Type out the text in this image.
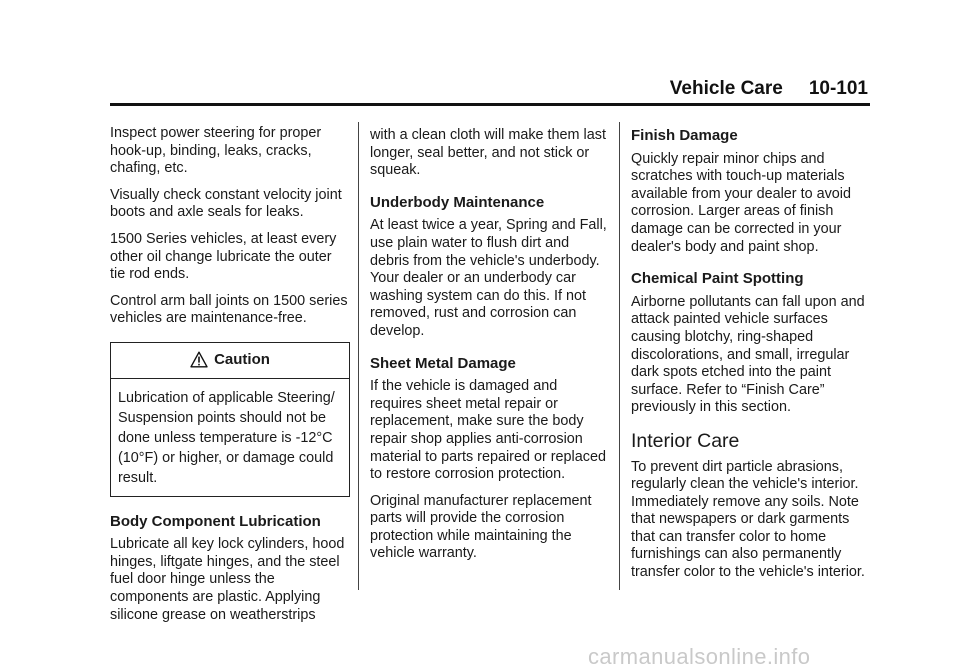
Vehicle Care 10-101

Inspect power steering for proper hook-up, binding, leaks, cracks, chafing, etc.

Visually check constant velocity joint boots and axle seals for leaks.

1500 Series vehicles, at least every other oil change lubricate the outer tie rod ends.

Control arm ball joints on 1500 series vehicles are maintenance-free.

Caution
Lubrication of applicable Steering/ Suspension points should not be done unless temperature is -12°C (10°F) or higher, or damage could result.
Body Component Lubrication

Lubricate all key lock cylinders, hood hinges, liftgate hinges, and the steel fuel door hinge unless the components are plastic. Applying silicone grease on weatherstrips

with a clean cloth will make them last longer, seal better, and not stick or squeak.

Underbody Maintenance

At least twice a year, Spring and Fall, use plain water to flush dirt and debris from the vehicle's underbody. Your dealer or an underbody car washing system can do this. If not removed, rust and corrosion can develop.

Sheet Metal Damage

If the vehicle is damaged and requires sheet metal repair or replacement, make sure the body repair shop applies anti-corrosion material to parts repaired or replaced to restore corrosion protection.

Original manufacturer replacement parts will provide the corrosion protection while maintaining the vehicle warranty.

Finish Damage

Quickly repair minor chips and scratches with touch-up materials available from your dealer to avoid corrosion. Larger areas of finish damage can be corrected in your dealer's body and paint shop.

Chemical Paint Spotting

Airborne pollutants can fall upon and attack painted vehicle surfaces causing blotchy, ring-shaped discolorations, and small, irregular dark spots etched into the paint surface. Refer to “Finish Care” previously in this section.

Interior Care

To prevent dirt particle abrasions, regularly clean the vehicle's interior. Immediately remove any soils. Note that newspapers or dark garments that can transfer color to home furnishings can also permanently transfer color to the vehicle's interior.

carmanualsonline.info
